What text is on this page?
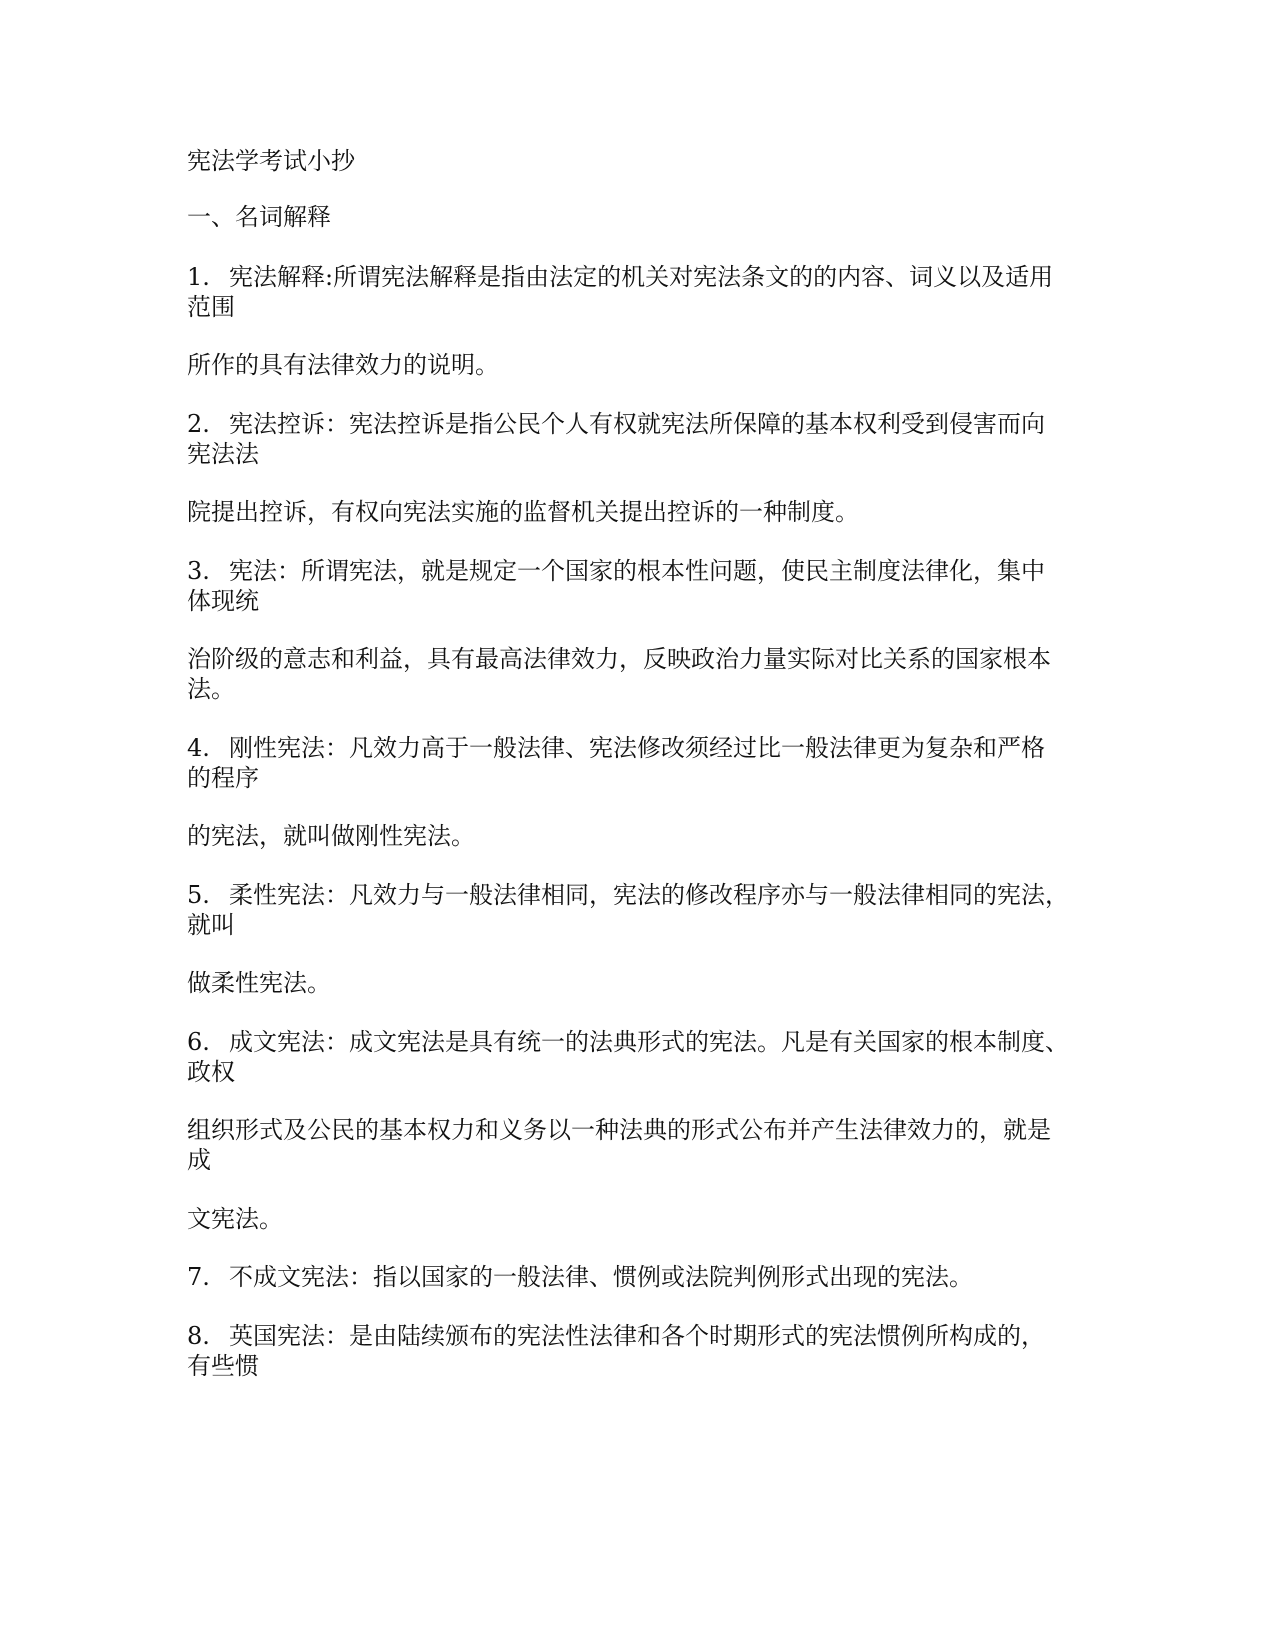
宪法学考试小抄

一、名词解释

1. 宪法解释:所谓宪法解释是指由法定的机关对宪法条文的的内容、词义以及适用

范围

所作的具有法律效力的说明。

2. 宪法控诉：宪法控诉是指公民个人有权就宪法所保障的基本权利受到侵害而向

宪法法

院提出控诉，有权向宪法实施的监督机关提出控诉的一种制度。

3. 宪法：所谓宪法，就是规定一个国家的根本性问题，使民主制度法律化，集中

体现统

治阶级的意志和利益，具有最高法律效力，反映政治力量实际对比关系的国家根本

法。

4. 刚性宪法：凡效力高于一般法律、宪法修改须经过比一般法律更为复杂和严格

的程序

的宪法，就叫做刚性宪法。

5. 柔性宪法：凡效力与一般法律相同，宪法的修改程序亦与一般法律相同的宪法，

就叫

做柔性宪法。

6. 成文宪法：成文宪法是具有统一的法典形式的宪法。凡是有关国家的根本制度、

政权

组织形式及公民的基本权力和义务以一种法典的形式公布并产生法律效力的，就是

成

文宪法。

7. 不成文宪法：指以国家的一般法律、惯例或法院判例形式出现的宪法。

8. 英国宪法：是由陆续颁布的宪法性法律和各个时期形式的宪法惯例所构成的，

有些惯
